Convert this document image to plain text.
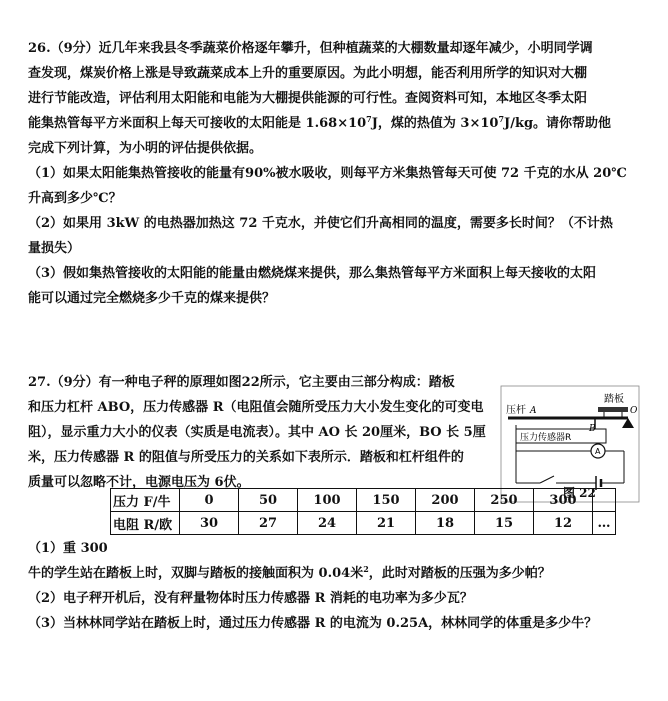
26.（9分）近几年来我县冬季蔬菜价格逐年攀升，但种植蔬菜的大棚数量却逐年减少，小明同学调
查发现，煤炭价格上涨是导致蔬菜成本上升的重要原因。为此小明想，能否利用所学的知识对大棚
进行节能改造，评估利用太阳能和电能为大棚提供能源的可行性。查阅资料可知，本地区冬季太阳
能集热管每平方米面积上每天可接收的太阳能是 $1.68\times 10^7J$，煤的热值为 $3\times 10^7J/kg$。请你帮助他
完成下列计算，为小明的评估提供依据。
（1）如果太阳能集热管接收的能量有90%被水吸收，则每平方米集热管每天可使 72 千克的水从 20℃
升高到多少℃？
（2）如果用 3kW 的电热器加热这 72 千克水，并使它们升高相同的温度，需要多长时间？（不计热
量损失）
（3）假如集热管接收的太阳能的能量由燃烧煤来提供，那么集热管每平方米面积上每天接收的太阳
能可以通过完全燃烧多少千克的煤来提供？
27.（9分）有一种电子秤的原理如图22所示，它主要由三部分构成：踏板
和压力杠杆 ABO，压力传感器 R（电阻值会随所受压力大小发生变化的可变电
阻），显示重力大小的仪表（实质是电流表）。其中 AO 长 20厘米，BO 长 5厘
米，压力传感器 R 的阻值与所受压力的关系如下表所示．踏板和杠杆组件的
质量可以忽略不计，电源电压为 6伏。
踏板
压杆 A
B
O
压力传感器R
A
图 22
压力 F/牛	0	50	100	150	200	250	300	
电阻 R/欧	30	27	24	21	18	15	12	…
（1）重 300
牛的学生站在踏板上时，双脚与踏板的接触面积为 0.04米$^2$，此时对踏板的压强为多少帕？
（2）电子秤开机后，没有秤量物体时压力传感器 R 消耗的电功率为多少瓦？
（3）当林林同学站在踏板上时，通过压力传感器 R 的电流为 0.25A，林林同学的体重是多少牛？
